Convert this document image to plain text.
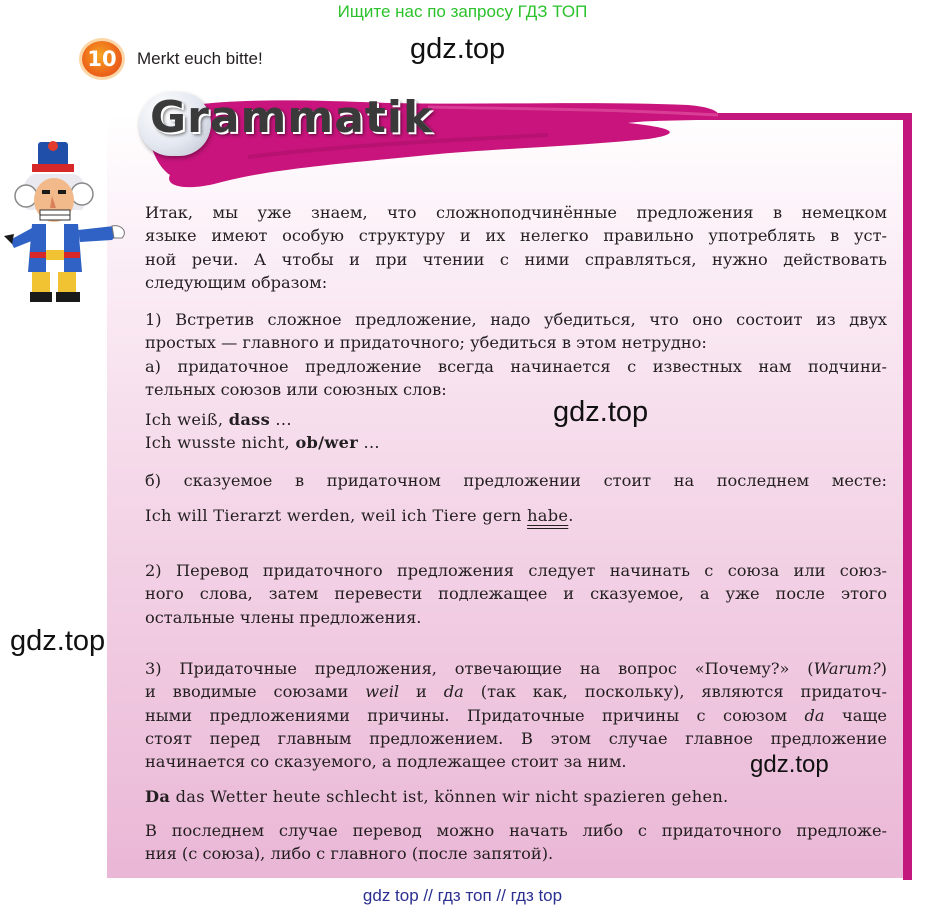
Ищите нас по запросу ГДЗ ТОП
10	Merkt euch bitte!
Grammatik
Итак, мы уже знаем, что сложноподчинённые предложения в немецком
языке имеют особую структуру и их нелегко правильно употреблять в уст-
ной речи. А чтобы и при чтении с ними справляться, нужно действовать
следующим образом:
1) Встретив сложное предложение, надо убедиться, что оно состоит из двух
простых — главного и придаточного; убедиться в этом нетрудно:
а) придаточное предложение всегда начинается с известных нам подчини-
тельных союзов или союзных слов:
Ich weiß, dass ...
Ich wusste nicht, ob/wer ...
б) сказуемое в придаточном предложении стоит на последнем месте:
Ich will Tierarzt werden, weil ich Tiere gern habe.
2) Перевод придаточного предложения следует начинать с союза или союз-
ного слова, затем перевести подлежащее и сказуемое, а уже после этого
остальные члены предложения.
3) Придаточные предложения, отвечающие на вопрос «Почему?» (Warum?)
и вводимые союзами weil и da (так как, поскольку), являются придаточ-
ными предложениями причины. Придаточные причины с союзом da чаще
стоят перед главным предложением. В этом случае главное предложение
начинается со сказуемого, а подлежащее стоит за ним.
Da das Wetter heute schlecht ist, können wir nicht spazieren gehen.
В последнем случае перевод можно начать либо с придаточного предложе-
ния (с союза), либо с главного (после запятой).
gdz.top
gdz.top
gdz.top
gdz.top
gdz top // гдз топ // гдз top
